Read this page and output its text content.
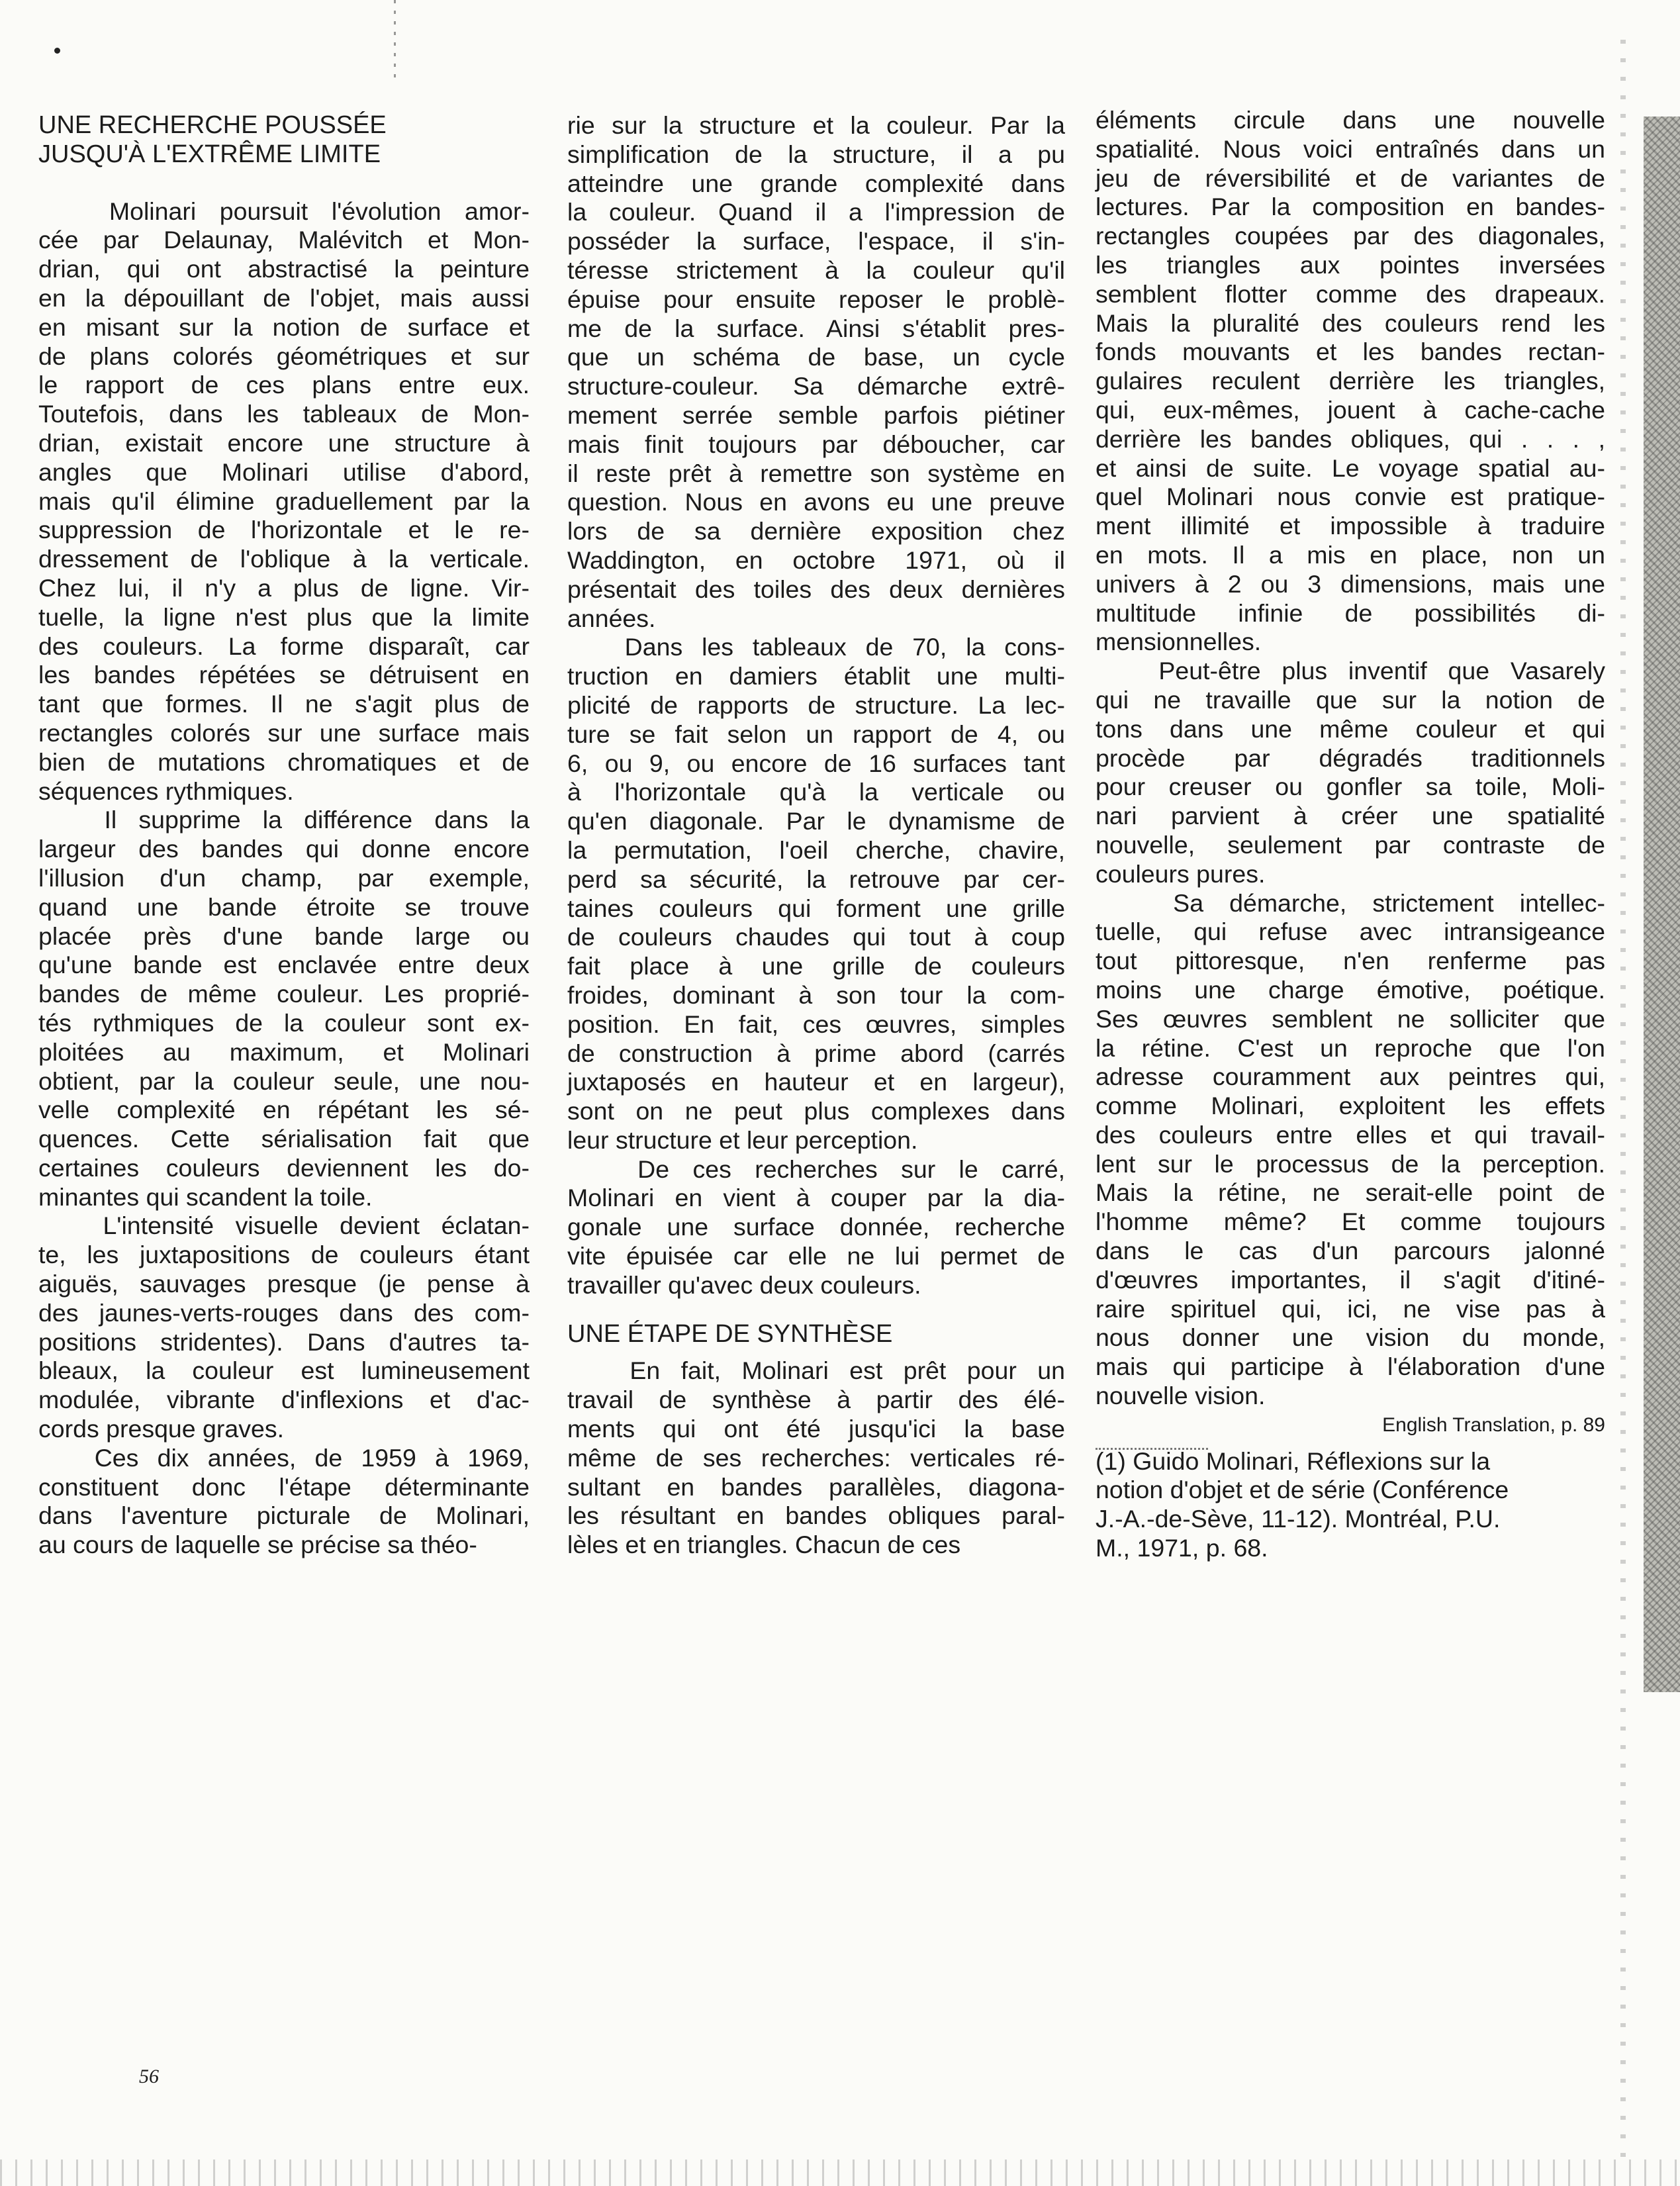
UNE RECHERCHE POUSSÉE
JUSQU'À L'EXTRÊME LIMITE
Molinari poursuit l'évolution amor-
cée par Delaunay, Malévitch et Mon-
drian, qui ont abstractisé la peinture
en la dépouillant de l'objet, mais aussi
en misant sur la notion de surface et
de plans colorés géométriques et sur
le rapport de ces plans entre eux.
Toutefois, dans les tableaux de Mon-
drian, existait encore une structure à
angles que Molinari utilise d'abord,
mais qu'il élimine graduellement par la
suppression de l'horizontale et le re-
dressement de l'oblique à la verticale.
Chez lui, il n'y a plus de ligne. Vir-
tuelle, la ligne n'est plus que la limite
des couleurs. La forme disparaît, car
les bandes répétées se détruisent en
tant que formes. Il ne s'agit plus de
rectangles colorés sur une surface mais
bien de mutations chromatiques et de
séquences rythmiques.
Il supprime la différence dans la
largeur des bandes qui donne encore
l'illusion d'un champ, par exemple,
quand une bande étroite se trouve
placée près d'une bande large ou
qu'une bande est enclavée entre deux
bandes de même couleur. Les proprié-
tés rythmiques de la couleur sont ex-
ploitées au maximum, et Molinari
obtient, par la couleur seule, une nou-
velle complexité en répétant les sé-
quences. Cette sérialisation fait que
certaines couleurs deviennent les do-
minantes qui scandent la toile.
L'intensité visuelle devient éclatan-
te, les juxtapositions de couleurs étant
aiguës, sauvages presque (je pense à
des jaunes-verts-rouges dans des com-
positions stridentes). Dans d'autres ta-
bleaux, la couleur est lumineusement
modulée, vibrante d'inflexions et d'ac-
cords presque graves.
Ces dix années, de 1959 à 1969,
constituent donc l'étape déterminante
dans l'aventure picturale de Molinari,
au cours de laquelle se précise sa théo-
rie sur la structure et la couleur. Par la
simplification de la structure, il a pu
atteindre une grande complexité dans
la couleur. Quand il a l'impression de
posséder la surface, l'espace, il s'in-
téresse strictement à la couleur qu'il
épuise pour ensuite reposer le problè-
me de la surface. Ainsi s'établit pres-
que un schéma de base, un cycle
structure-couleur. Sa démarche extrê-
mement serrée semble parfois piétiner
mais finit toujours par déboucher, car
il reste prêt à remettre son système en
question. Nous en avons eu une preuve
lors de sa dernière exposition chez
Waddington, en octobre 1971, où il
présentait des toiles des deux dernières
années.
Dans les tableaux de 70, la cons-
truction en damiers établit une multi-
plicité de rapports de structure. La lec-
ture se fait selon un rapport de 4, ou
6, ou 9, ou encore de 16 surfaces tant
à l'horizontale qu'à la verticale ou
qu'en diagonale. Par le dynamisme de
la permutation, l'oeil cherche, chavire,
perd sa sécurité, la retrouve par cer-
taines couleurs qui forment une grille
de couleurs chaudes qui tout à coup
fait place à une grille de couleurs
froides, dominant à son tour la com-
position. En fait, ces œuvres, simples
de construction à prime abord (carrés
juxtaposés en hauteur et en largeur),
sont on ne peut plus complexes dans
leur structure et leur perception.
De ces recherches sur le carré,
Molinari en vient à couper par la dia-
gonale une surface donnée, recherche
vite épuisée car elle ne lui permet de
travailler qu'avec deux couleurs.
UNE ÉTAPE DE SYNTHÈSE
En fait, Molinari est prêt pour un
travail de synthèse à partir des élé-
ments qui ont été jusqu'ici la base
même de ses recherches: verticales ré-
sultant en bandes parallèles, diagona-
les résultant en bandes obliques paral-
lèles et en triangles. Chacun de ces
éléments circule dans une nouvelle
spatialité. Nous voici entraînés dans un
jeu de réversibilité et de variantes de
lectures. Par la composition en bandes-
rectangles coupées par des diagonales,
les triangles aux pointes inversées
semblent flotter comme des drapeaux.
Mais la pluralité des couleurs rend les
fonds mouvants et les bandes rectan-
gulaires reculent derrière les triangles,
qui, eux-mêmes, jouent à cache-cache
derrière les bandes obliques, qui . . . ,
et ainsi de suite. Le voyage spatial au-
quel Molinari nous convie est pratique-
ment illimité et impossible à traduire
en mots. Il a mis en place, non un
univers à 2 ou 3 dimensions, mais une
multitude infinie de possibilités di-
mensionnelles.
Peut-être plus inventif que Vasarely
qui ne travaille que sur la notion de
tons dans une même couleur et qui
procède par dégradés traditionnels
pour creuser ou gonfler sa toile, Moli-
nari parvient à créer une spatialité
nouvelle, seulement par contraste de
couleurs pures.
Sa démarche, strictement intellec-
tuelle, qui refuse avec intransigeance
tout pittoresque, n'en renferme pas
moins une charge émotive, poétique.
Ses œuvres semblent ne solliciter que
la rétine. C'est un reproche que l'on
adresse couramment aux peintres qui,
comme Molinari, exploitent les effets
des couleurs entre elles et qui travail-
lent sur le processus de la perception.
Mais la rétine, ne serait-elle point de
l'homme même? Et comme toujours
dans le cas d'un parcours jalonné
d'œuvres importantes, il s'agit d'itiné-
raire spirituel qui, ici, ne vise pas à
nous donner une vision du monde,
mais qui participe à l'élaboration d'une
nouvelle vision.
English Translation, p. 89
(1) Guido Molinari, Réflexions sur la
notion d'objet et de série (Conférence
J.-A.-de-Sève, 11-12). Montréal, P.U.
M., 1971, p. 68.
56
